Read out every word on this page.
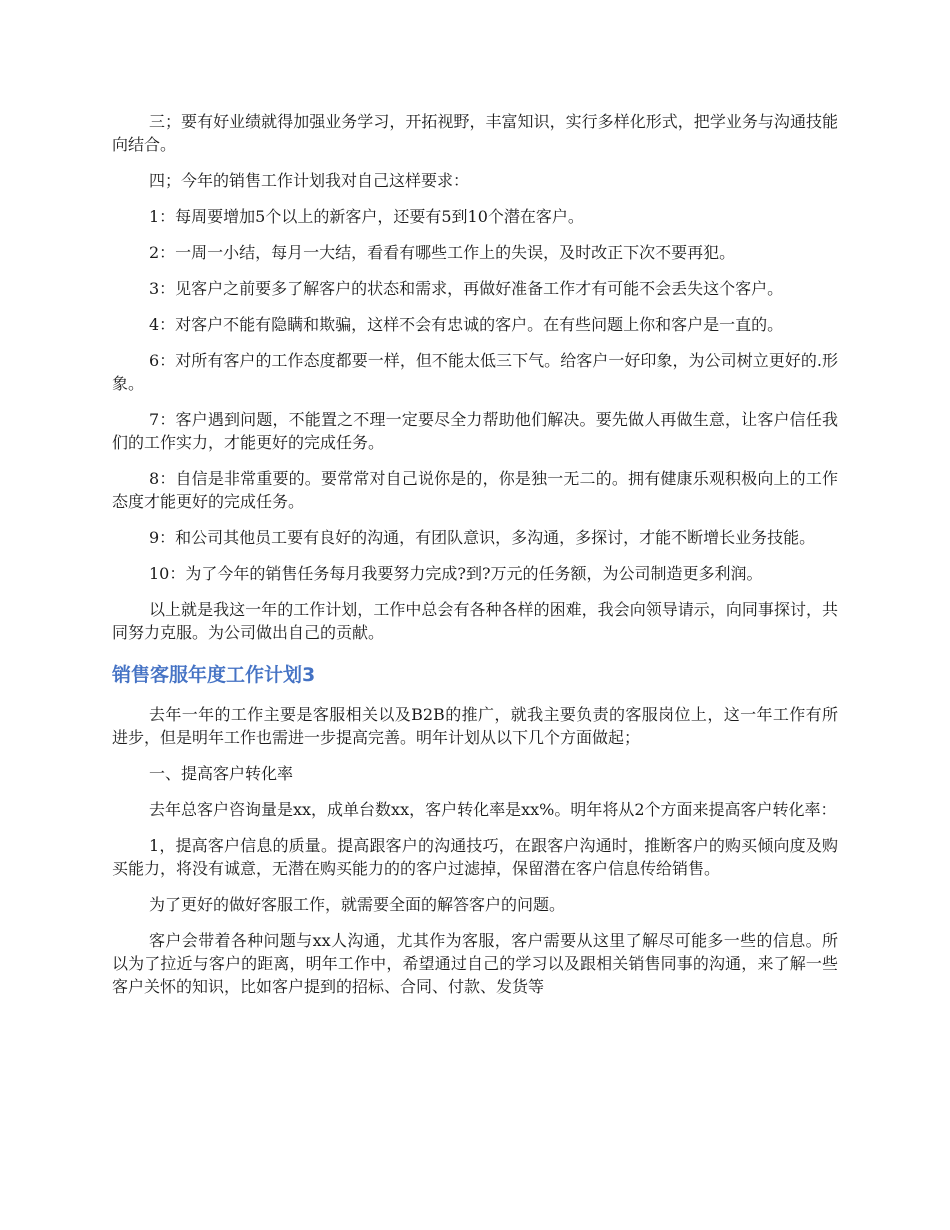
三；要有好业绩就得加强业务学习，开拓视野，丰富知识，实行多样化形式，把学业务与沟通技能向结合。

四；今年的销售工作计划我对自己这样要求：

1：每周要增加5个以上的新客户，还要有5到10个潜在客户。

2：一周一小结，每月一大结，看看有哪些工作上的失误，及时改正下次不要再犯。

3：见客户之前要多了解客户的状态和需求，再做好准备工作才有可能不会丢失这个客户。

4：对客户不能有隐瞒和欺骗，这样不会有忠诚的客户。在有些问题上你和客户是一直的。

6：对所有客户的工作态度都要一样，但不能太低三下气。给客户一好印象，为公司树立更好的.形象。

7：客户遇到问题，不能置之不理一定要尽全力帮助他们解决。要先做人再做生意，让客户信任我们的工作实力，才能更好的完成任务。

8：自信是非常重要的。要常常对自己说你是的，你是独一无二的。拥有健康乐观积极向上的工作态度才能更好的完成任务。

9：和公司其他员工要有良好的沟通，有团队意识，多沟通，多探讨，才能不断增长业务技能。

10：为了今年的销售任务每月我要努力完成?到?万元的任务额，为公司制造更多利润。

以上就是我这一年的工作计划，工作中总会有各种各样的困难，我会向领导请示，向同事探讨，共同努力克服。为公司做出自己的贡献。

销售客服年度工作计划3

去年一年的工作主要是客服相关以及B2B的推广，就我主要负责的客服岗位上，这一年工作有所进步，但是明年工作也需进一步提高完善。明年计划从以下几个方面做起；

一、提高客户转化率

去年总客户咨询量是xx，成单台数xx，客户转化率是xx%。明年将从2个方面来提高客户转化率：

1，提高客户信息的质量。提高跟客户的沟通技巧，在跟客户沟通时，推断客户的购买倾向度及购买能力，将没有诚意，无潜在购买能力的的客户过滤掉，保留潜在客户信息传给销售。

为了更好的做好客服工作，就需要全面的解答客户的问题。

客户会带着各种问题与xx人沟通，尤其作为客服，客户需要从这里了解尽可能多一些的信息。所以为了拉近与客户的距离，明年工作中，希望通过自己的学习以及跟相关销售同事的沟通，来了解一些客户关怀的知识，比如客户提到的招标、合同、付款、发货等
